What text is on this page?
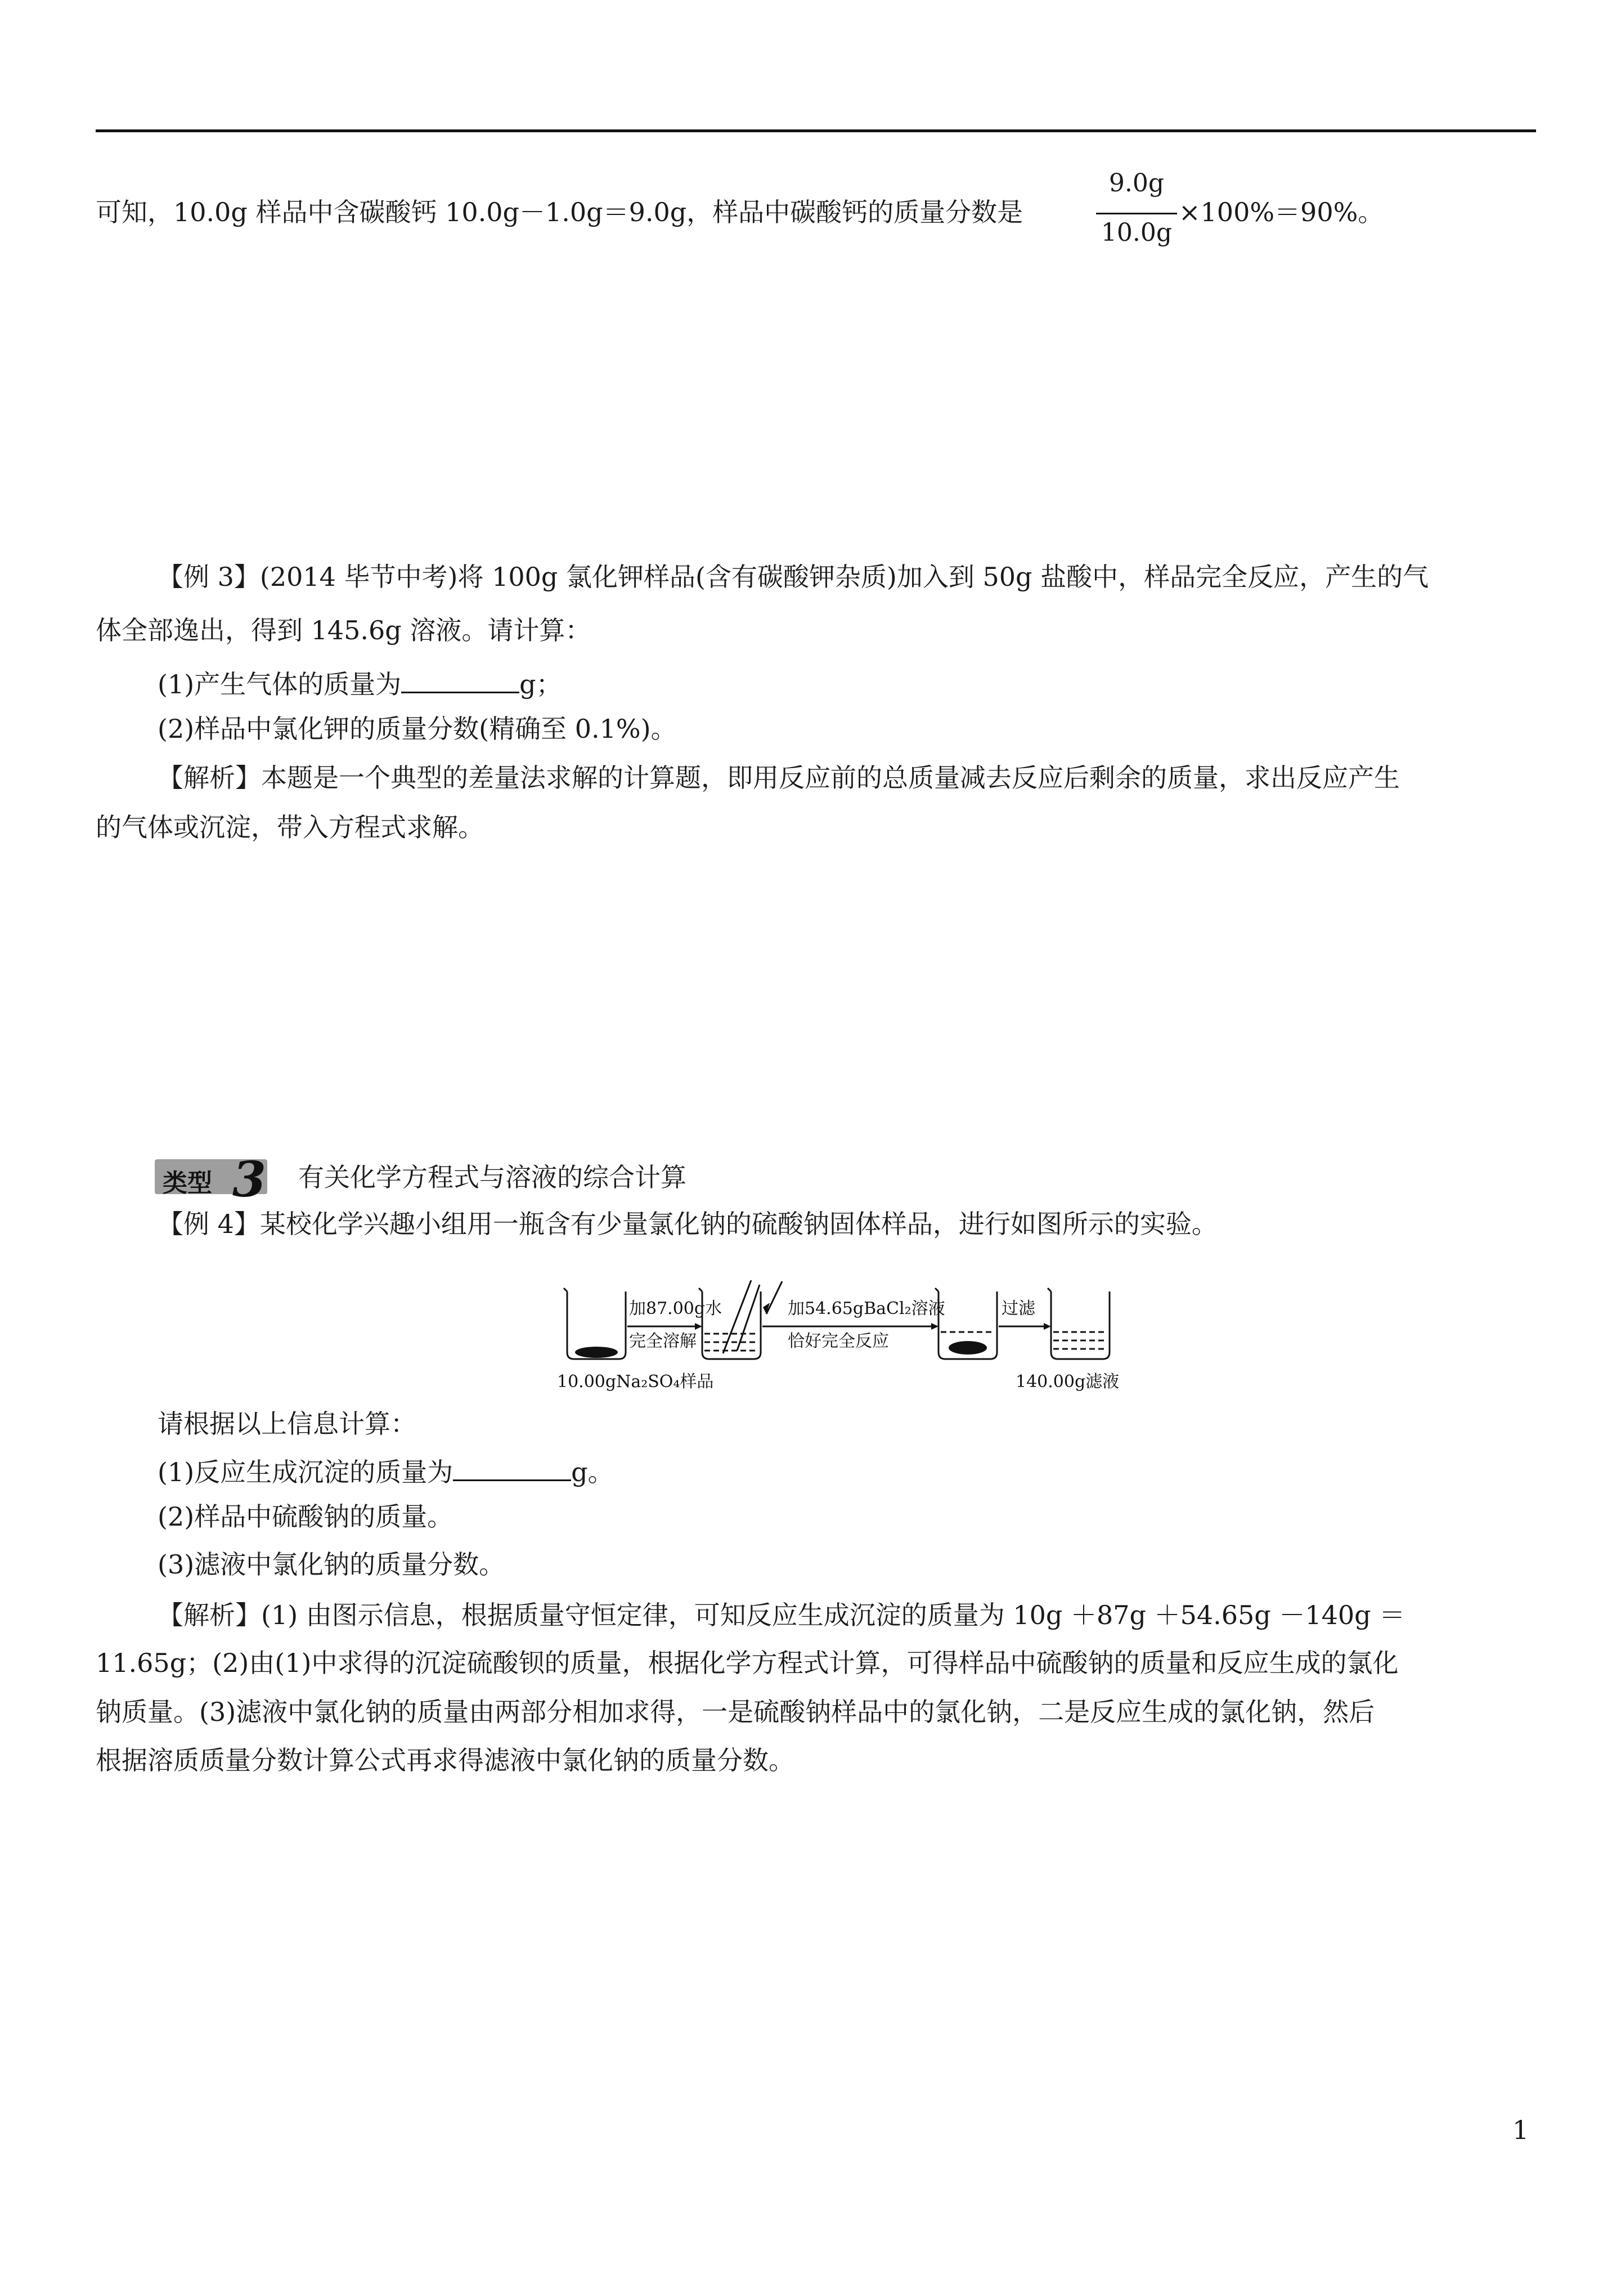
可知，10.0g 样品中含碳酸钙 10.0g－1.0g＝9.0g，样品中碳酸钙的质量分数是
9.0g
10.0g
×100%＝90%。
【例 3】(2014 毕节中考)将 100g 氯化钾样品(含有碳酸钾杂质)加入到 50g 盐酸中，样品完全反应，产生的气
体全部逸出，得到 145.6g 溶液。请计算：
(1)产生气体的质量为	g；
(2)样品中氯化钾的质量分数(精确至 0.1%)。
【解析】本题是一个典型的差量法求解的计算题，即用反应前的总质量减去反应后剩余的质量，求出反应产生
的气体或沉淀，带入方程式求解。
类型 3 有关化学方程式与溶液的综合计算
【例 4】某校化学兴趣小组用一瓶含有少量氯化钠的硫酸钠固体样品，进行如图所示的实验。
加87.00g水
完全溶解
加54.65gBaCl₂溶液
恰好完全反应
过滤
10.00gNa₂SO₄样品	140.00g滤液
请根据以上信息计算：
(1)反应生成沉淀的质量为	g。
(2)样品中硫酸钠的质量。
(3)滤液中氯化钠的质量分数。
【解析】(1) 由图示信息，根据质量守恒定律，可知反应生成沉淀的质量为 10g ＋87g ＋54.65g －140g ＝
11.65g；(2)由(1)中求得的沉淀硫酸钡的质量，根据化学方程式计算，可得样品中硫酸钠的质量和反应生成的氯化
钠质量。(3)滤液中氯化钠的质量由两部分相加求得，一是硫酸钠样品中的氯化钠，二是反应生成的氯化钠，然后
根据溶质质量分数计算公式再求得滤液中氯化钠的质量分数。
1
